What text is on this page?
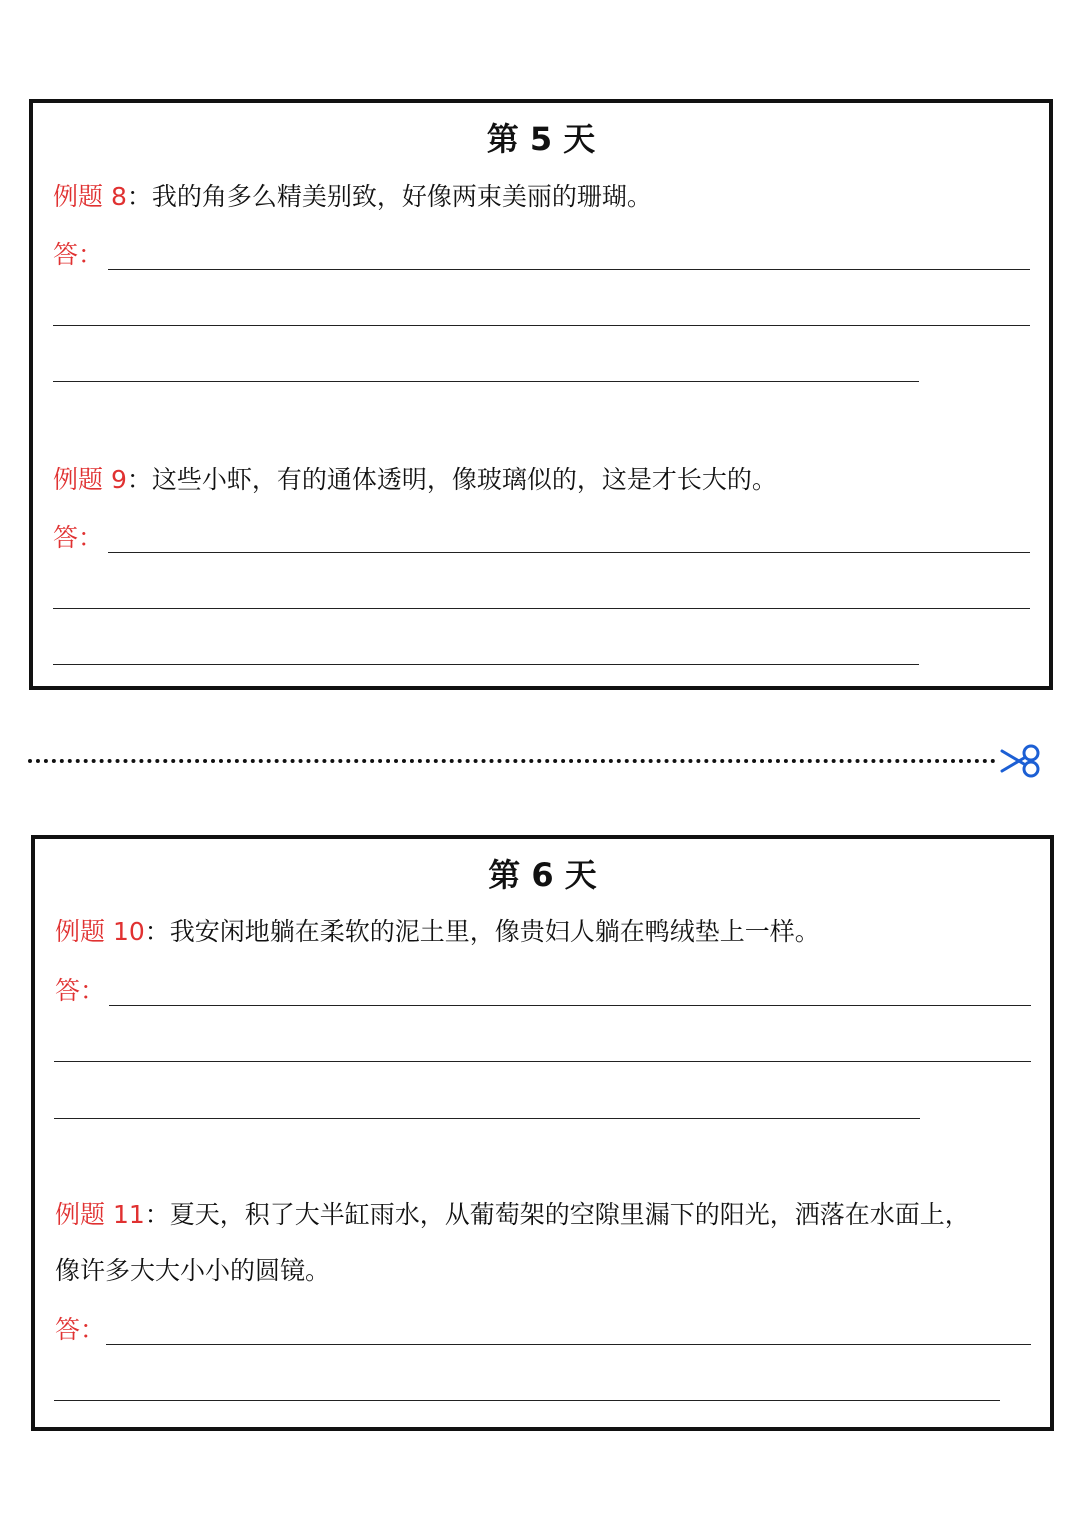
第 5 天
例题 8：我的角多么精美别致，好像两束美丽的珊瑚。
答：
例题 9：这些小虾，有的通体透明，像玻璃似的，这是才长大的。
答：
第 6 天
例题 10：我安闲地躺在柔软的泥土里，像贵妇人躺在鸭绒垫上一样。
答：
例题 11：夏天，积了大半缸雨水，从葡萄架的空隙里漏下的阳光，洒落在水面上，
像许多大大小小的圆镜。
答：
